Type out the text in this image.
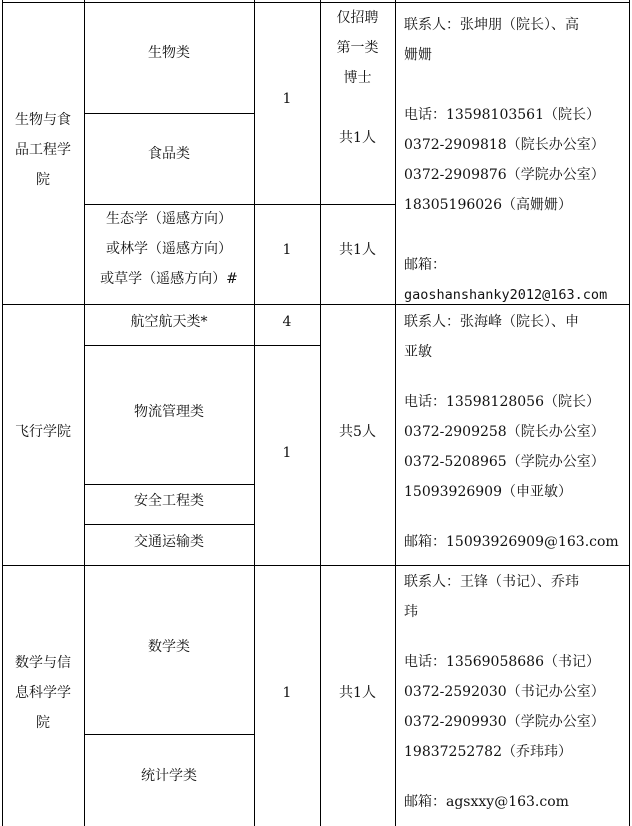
生物与食
品工程学
院
生物类
食品类
生态学（遥感方向）
或林学（遥感方向）
或草学（遥感方向）#
1
1
仅招聘
第一类
博士
共1人
共1人
联系人：张坤朋（院长）、高
姗姗
电话：13598103561（院长）
0372-2909818（院长办公室）
0372-2909876（学院办公室）
18305196026（高姗姗）
邮箱：
gaoshanshanky2012@163.com
飞行学院
航空航天类*	4
物流管理类
安全工程类
交通运输类
1
共5人
联系人：张海峰（院长）、申
亚敏
电话：13598128056（院长）
0372-2909258（院长办公室）
0372-5208965（学院办公室）
15093926909（申亚敏）
邮箱：15093926909@163.com
数学与信
息科学学
院
数学类
统计学类
1	共1人
联系人：王锋（书记）、乔玮
玮
电话：13569058686（书记）
0372-2592030（书记办公室）
0372-2909930（学院办公室）
19837252782（乔玮玮）
邮箱：agsxxy@163.com
